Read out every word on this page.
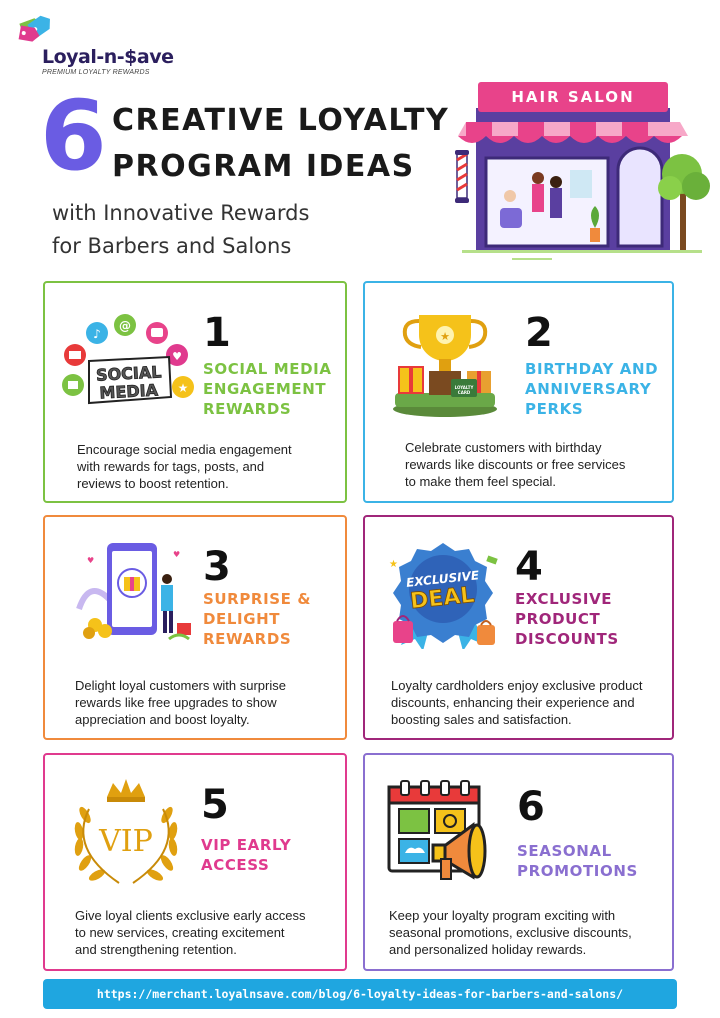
Loyal-n-$ave
PREMIUM LOYALTY REWARDS
6 CREATIVE LOYALTY
PROGRAM IDEAS
with Innovative Rewards
for Barbers and Salons
HAIR SALON
♪
@
♥
★
SOCIAL
MEDIA
1
SOCIAL MEDIA
ENGAGEMENT
REWARDS
Encourage social media engagement
with rewards for tags, posts, and
reviews to boost retention.
★
LOYALTY
CARD
2
BIRTHDAY AND
ANNIVERSARY
PERKS
Celebrate customers with birthday
rewards like discounts or free services
to make them feel special.
♥
♥ 3
SURPRISE &
DELIGHT
REWARDS
Delight loyal customers with surprise
rewards like free upgrades to show
appreciation and boost loyalty.
EXCLUSIVE
DEAL
★	4
EXCLUSIVE
PRODUCT
DISCOUNTS
Loyalty cardholders enjoy exclusive product
discounts, enhancing their experience and
boosting sales and satisfaction.
VIP
5
VIP EARLY
ACCESS
Give loyal clients exclusive early access
to new services, creating excitement
and strengthening retention.
6
SEASONAL
PROMOTIONS
Keep your loyalty program exciting with
seasonal promotions, exclusive discounts,
and personalized holiday rewards.
https://merchant.loyalnsave.com/blog/6-loyalty-ideas-for-barbers-and-salons/
